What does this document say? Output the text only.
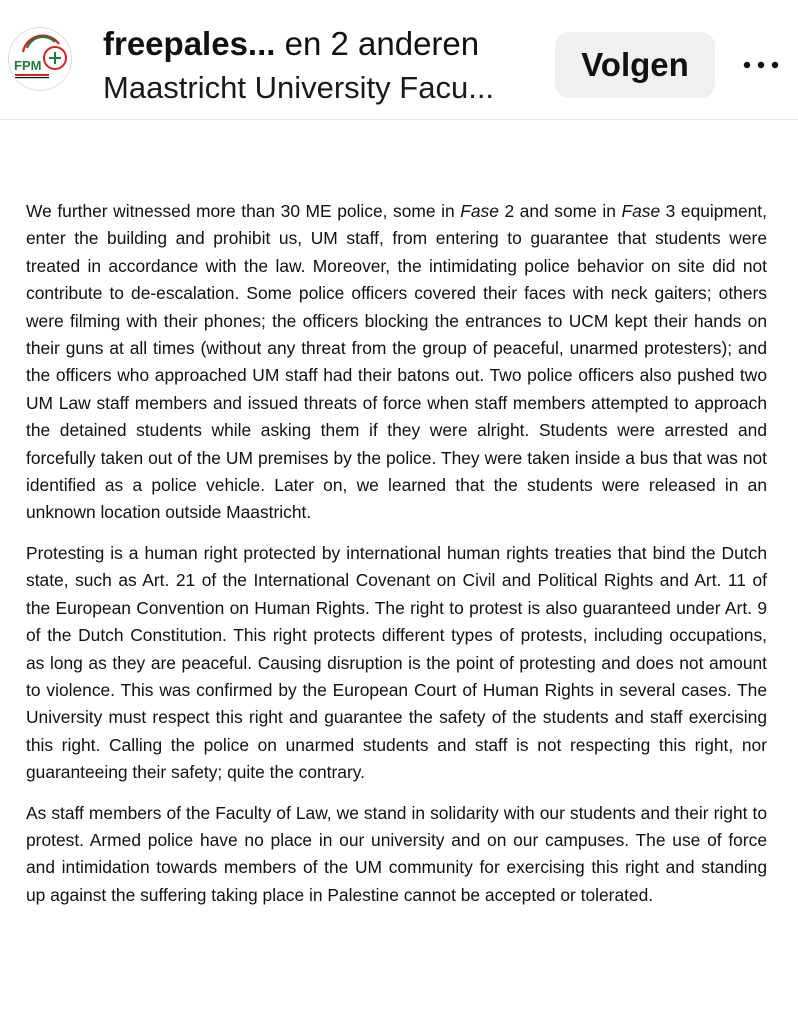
FPM
freepales... en 2 anderen
Maastricht University Facu...
Volgen

We further witnessed more than 30 ME police, some in Fase 2 and some in Fase 3 equipment, enter the building and prohibit us, UM staff, from entering to guarantee that students were treated in accordance with the law. Moreover, the intimidating police behavior on site did not contribute to de-escalation. Some police officers covered their faces with neck gaiters; others were filming with their phones; the officers blocking the entrances to UCM kept their hands on their guns at all times (without any threat from the group of peaceful, unarmed protesters); and the officers who approached UM staff had their batons out. Two police officers also pushed two UM Law staff members and issued threats of force when staff members attempted to approach the detained students while asking them if they were alright. Students were arrested and forcefully taken out of the UM premises by the police. They were taken inside a bus that was not identified as a police vehicle. Later on, we learned that the students were released in an unknown location outside Maastricht.

Protesting is a human right protected by international human rights treaties that bind the Dutch state, such as Art. 21 of the International Covenant on Civil and Political Rights and Art. 11 of the European Convention on Human Rights. The right to protest is also guaranteed under Art. 9 of the Dutch Constitution. This right protects different types of protests, including occupations, as long as they are peaceful. Causing disruption is the point of protesting and does not amount to violence. This was confirmed by the European Court of Human Rights in several cases. The University must respect this right and guarantee the safety of the students and staff exercising this right. Calling the police on unarmed students and staff is not respecting this right, nor guaranteeing their safety; quite the contrary.

As staff members of the Faculty of Law, we stand in solidarity with our students and their right to protest. Armed police have no place in our university and on our campuses. The use of force and intimidation towards members of the UM community for exercising this right and standing up against the suffering taking place in Palestine cannot be accepted or tolerated.
